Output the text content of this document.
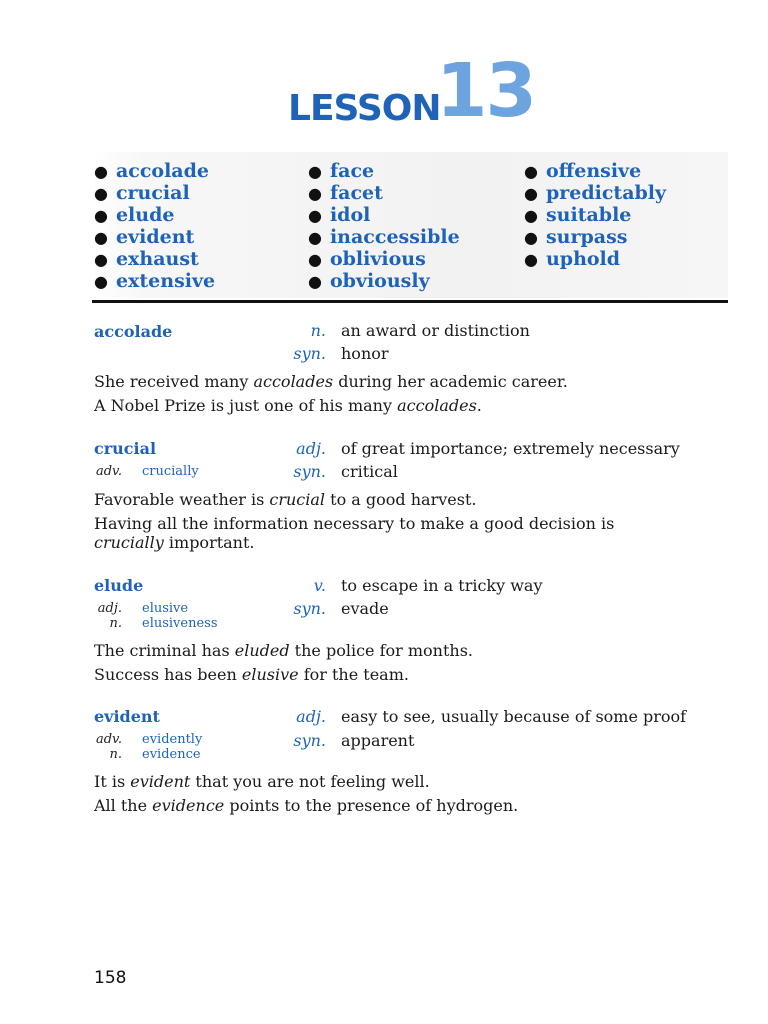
LESSON
13
● accolade
● crucial
● elude
● evident
● exhaust
● extensive
● face
● facet
● idol
● inaccessible
● oblivious
● obviously
● offensive
● predictably
● suitable
● surpass
● uphold
accolade	n. an award or distinction
syn. honor
She received many accolades during her academic career.
A Nobel Prize is just one of his many accolades.
crucial	adj. of great importance; extremely necessary
syn. critical
adv. crucially
Favorable weather is crucial to a good harvest.
Having all the information necessary to make a good decision is
crucially important.
elude	v. to escape in a tricky way
syn. evade
adj. elusive
n. elusiveness
The criminal has eluded the police for months.
Success has been elusive for the team.
evident	adj. easy to see, usually because of some proof
syn. apparent
adv. evidently
n. evidence
It is evident that you are not feeling well.
All the evidence points to the presence of hydrogen.
158
